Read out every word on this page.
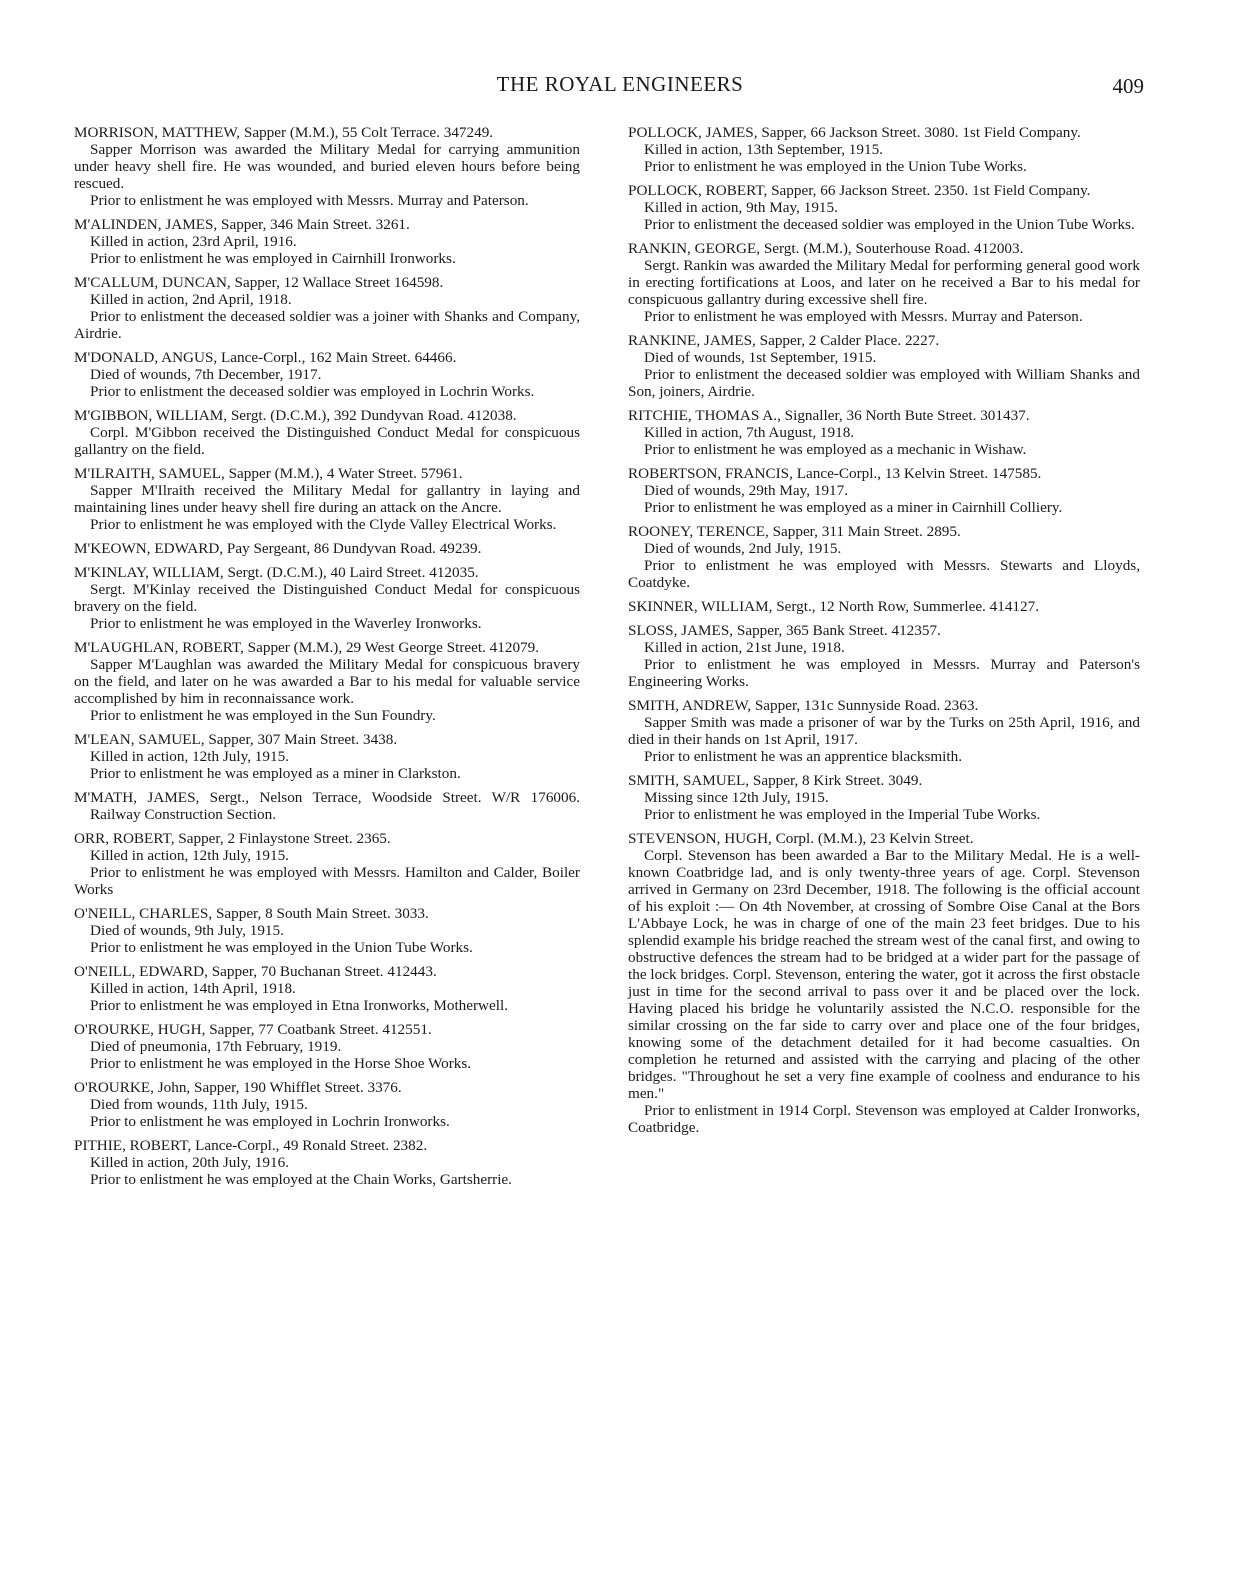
THE ROYAL ENGINEERS	409

MORRISON, MATTHEW, Sapper (M.M.), 55 Colt Terrace. 347249.

Sapper Morrison was awarded the Military Medal for carrying ammunition under heavy shell fire. He was wounded, and buried eleven hours before being rescued.

Prior to enlistment he was employed with Messrs. Murray and Paterson.

M'ALINDEN, JAMES, Sapper, 346 Main Street. 3261.

Killed in action, 23rd April, 1916.

Prior to enlistment he was employed in Cairnhill Ironworks.

M'CALLUM, DUNCAN, Sapper, 12 Wallace Street 164598.

Killed in action, 2nd April, 1918.

Prior to enlistment the deceased soldier was a joiner with Shanks and Company, Airdrie.

M'DONALD, ANGUS, Lance-Corpl., 162 Main Street. 64466.

Died of wounds, 7th December, 1917.

Prior to enlistment the deceased soldier was employed in Lochrin Works.

M'GIBBON, WILLIAM, Sergt. (D.C.M.), 392 Dundyvan Road. 412038.

Corpl. M'Gibbon received the Distinguished Conduct Medal for conspicuous gallantry on the field.

M'ILRAITH, SAMUEL, Sapper (M.M.), 4 Water Street. 57961.

Sapper M'Ilraith received the Military Medal for gallantry in laying and maintaining lines under heavy shell fire during an attack on the Ancre.

Prior to enlistment he was employed with the Clyde Valley Electrical Works.

M'KEOWN, EDWARD, Pay Sergeant, 86 Dundyvan Road. 49239.

M'KINLAY, WILLIAM, Sergt. (D.C.M.), 40 Laird Street. 412035.

Sergt. M'Kinlay received the Distinguished Conduct Medal for conspicuous bravery on the field.

Prior to enlistment he was employed in the Waverley Ironworks.

M'LAUGHLAN, ROBERT, Sapper (M.M.), 29 West George Street. 412079.

Sapper M'Laughlan was awarded the Military Medal for conspicuous bravery on the field, and later on he was awarded a Bar to his medal for valuable service accomplished by him in reconnaissance work.

Prior to enlistment he was employed in the Sun Foundry.

M'LEAN, SAMUEL, Sapper, 307 Main Street. 3438.

Killed in action, 12th July, 1915.

Prior to enlistment he was employed as a miner in Clarkston.

M'MATH, JAMES, Sergt., Nelson Terrace, Woodside Street. W/R 176006. Railway Construction Section.

ORR, ROBERT, Sapper, 2 Finlaystone Street. 2365.

Killed in action, 12th July, 1915.

Prior to enlistment he was employed with Messrs. Hamilton and Calder, Boiler Works

O'NEILL, CHARLES, Sapper, 8 South Main Street. 3033.

Died of wounds, 9th July, 1915.

Prior to enlistment he was employed in the Union Tube Works.

O'NEILL, EDWARD, Sapper, 70 Buchanan Street. 412443.

Killed in action, 14th April, 1918.

Prior to enlistment he was employed in Etna Ironworks, Motherwell.

O'ROURKE, HUGH, Sapper, 77 Coatbank Street. 412551.

Died of pneumonia, 17th February, 1919.

Prior to enlistment he was employed in the Horse Shoe Works.

O'ROURKE, John, Sapper, 190 Whifflet Street. 3376.

Died from wounds, 11th July, 1915.

Prior to enlistment he was employed in Lochrin Ironworks.

PITHIE, ROBERT, Lance-Corpl., 49 Ronald Street. 2382.

Killed in action, 20th July, 1916.

Prior to enlistment he was employed at the Chain Works, Gartsherrie.

POLLOCK, JAMES, Sapper, 66 Jackson Street. 3080. 1st Field Company.

Killed in action, 13th September, 1915.

Prior to enlistment he was employed in the Union Tube Works.

POLLOCK, ROBERT, Sapper, 66 Jackson Street. 2350. 1st Field Company.

Killed in action, 9th May, 1915.

Prior to enlistment the deceased soldier was employed in the Union Tube Works.

RANKIN, GEORGE, Sergt. (M.M.), Souterhouse Road. 412003.

Sergt. Rankin was awarded the Military Medal for performing general good work in erecting fortifications at Loos, and later on he received a Bar to his medal for conspicuous gallantry during excessive shell fire.

Prior to enlistment he was employed with Messrs. Murray and Paterson.

RANKINE, JAMES, Sapper, 2 Calder Place. 2227.

Died of wounds, 1st September, 1915.

Prior to enlistment the deceased soldier was employed with William Shanks and Son, joiners, Airdrie.

RITCHIE, THOMAS A., Signaller, 36 North Bute Street. 301437.

Killed in action, 7th August, 1918.

Prior to enlistment he was employed as a mechanic in Wishaw.

ROBERTSON, FRANCIS, Lance-Corpl., 13 Kelvin Street. 147585.

Died of wounds, 29th May, 1917.

Prior to enlistment he was employed as a miner in Cairnhill Colliery.

ROONEY, TERENCE, Sapper, 311 Main Street. 2895.

Died of wounds, 2nd July, 1915.

Prior to enlistment he was employed with Messrs. Stewarts and Lloyds, Coatdyke.

SKINNER, WILLIAM, Sergt., 12 North Row, Summerlee. 414127.

SLOSS, JAMES, Sapper, 365 Bank Street. 412357.

Killed in action, 21st June, 1918.

Prior to enlistment he was employed in Messrs. Murray and Paterson's Engineering Works.

SMITH, ANDREW, Sapper, 131c Sunnyside Road. 2363.

Sapper Smith was made a prisoner of war by the Turks on 25th April, 1916, and died in their hands on 1st April, 1917.

Prior to enlistment he was an apprentice blacksmith.

SMITH, SAMUEL, Sapper, 8 Kirk Street. 3049.

Missing since 12th July, 1915.

Prior to enlistment he was employed in the Imperial Tube Works.

STEVENSON, HUGH, Corpl. (M.M.), 23 Kelvin Street.

Corpl. Stevenson has been awarded a Bar to the Military Medal. He is a well-known Coatbridge lad, and is only twenty-three years of age. Corpl. Stevenson arrived in Germany on 23rd December, 1918. The following is the official account of his exploit :— On 4th November, at crossing of Sombre Oise Canal at the Bors L'Abbaye Lock, he was in charge of one of the main 23 feet bridges. Due to his splendid example his bridge reached the stream west of the canal first, and owing to obstructive defences the stream had to be bridged at a wider part for the passage of the lock bridges. Corpl. Stevenson, entering the water, got it across the first obstacle just in time for the second arrival to pass over it and be placed over the lock. Having placed his bridge he voluntarily assisted the N.C.O. responsible for the similar crossing on the far side to carry over and place one of the four bridges, knowing some of the detachment detailed for it had become casualties. On completion he returned and assisted with the carrying and placing of the other bridges. "Throughout he set a very fine example of coolness and endurance to his men."

Prior to enlistment in 1914 Corpl. Stevenson was employed at Calder Ironworks, Coatbridge.
